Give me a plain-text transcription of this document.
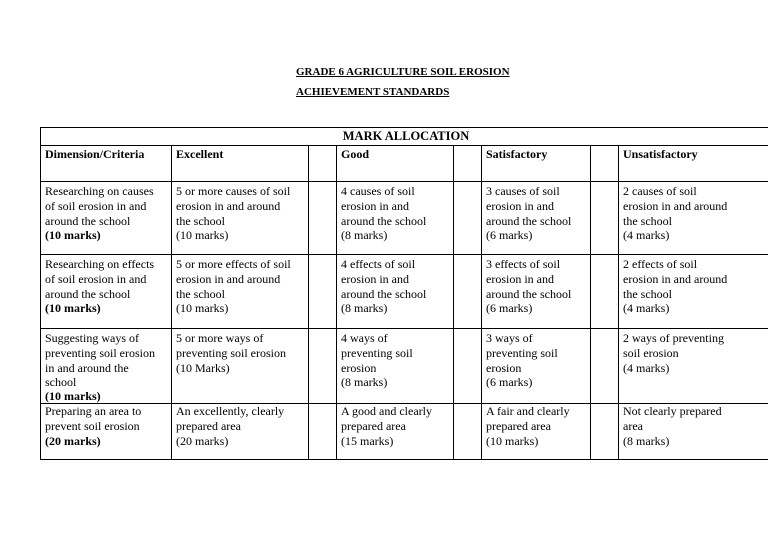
GRADE 6 AGRICULTURE SOIL EROSION
ACHIEVEMENT STANDARDS
MARK ALLOCATION							
Dimension/Criteria	Excellent		Good		Satisfactory		Unsatisfactory

Researching on causes
of soil erosion in and
around the school
(10 marks)	5 or more causes of soil
erosion in and around
the school
(10 marks)		4 causes of soil
erosion in and
around the school
(8 marks)		3 causes of soil
erosion in and
around the school
(6 marks)		2 causes of soil
erosion in and around
the school
(4 marks)

Researching on effects
of soil erosion in and
around the school
(10 marks)	5 or more effects of soil
erosion in and around
the school
(10 marks)		4 effects of soil
erosion in and
around the school
(8 marks)		3 effects of soil
erosion in and
around the school
(6 marks)		2 effects of soil
erosion in and around
the school
(4 marks)

Suggesting ways of
preventing soil erosion
in and around the
school
(10 marks)	5 or more ways of
preventing soil erosion
(10 Marks)		4 ways of
preventing soil
erosion
(8 marks)		3 ways of
preventing soil
erosion
(6 marks)		2 ways of preventing
soil erosion
(4 marks)

Preparing an area to
prevent soil erosion
(20 marks)	An excellently, clearly
prepared area
(20 marks)		A good and clearly
prepared area
(15 marks)		A fair and clearly
prepared area
(10 marks)		Not clearly prepared
area
(8 marks)
